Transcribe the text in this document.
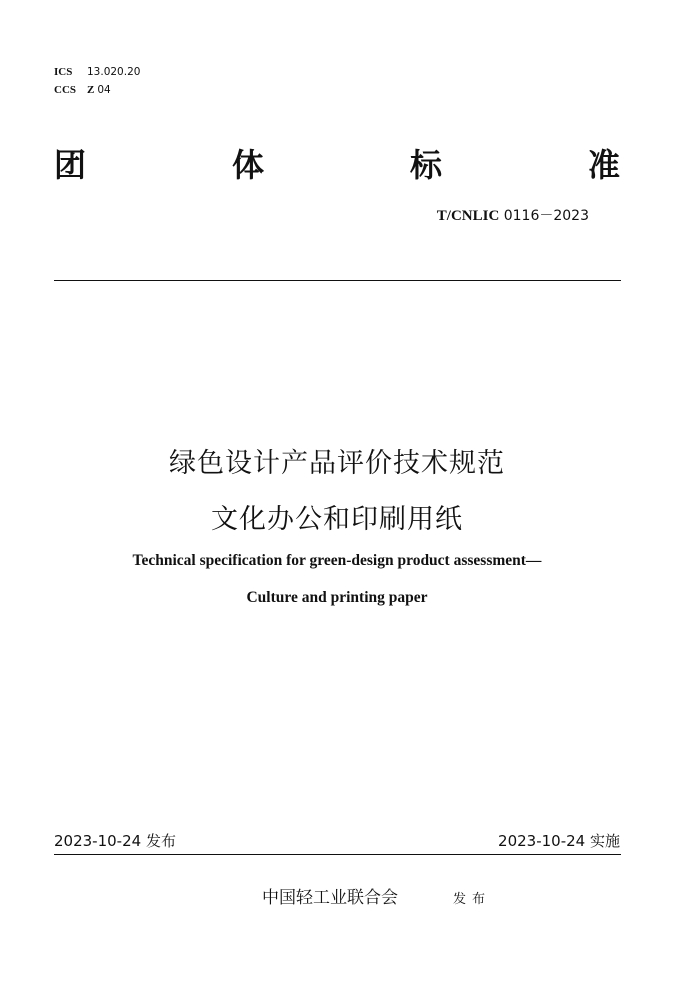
ICS 13.020.20
CCS Z 04
团	体	标	准
T/CNLIC 0116－2023
绿色设计产品评价技术规范
文化办公和印刷用纸
Technical specification for green-design product assessment—
Culture and printing paper
2023-10-24 发布	2023-10-24 实施
中国轻工业联合会	发布
